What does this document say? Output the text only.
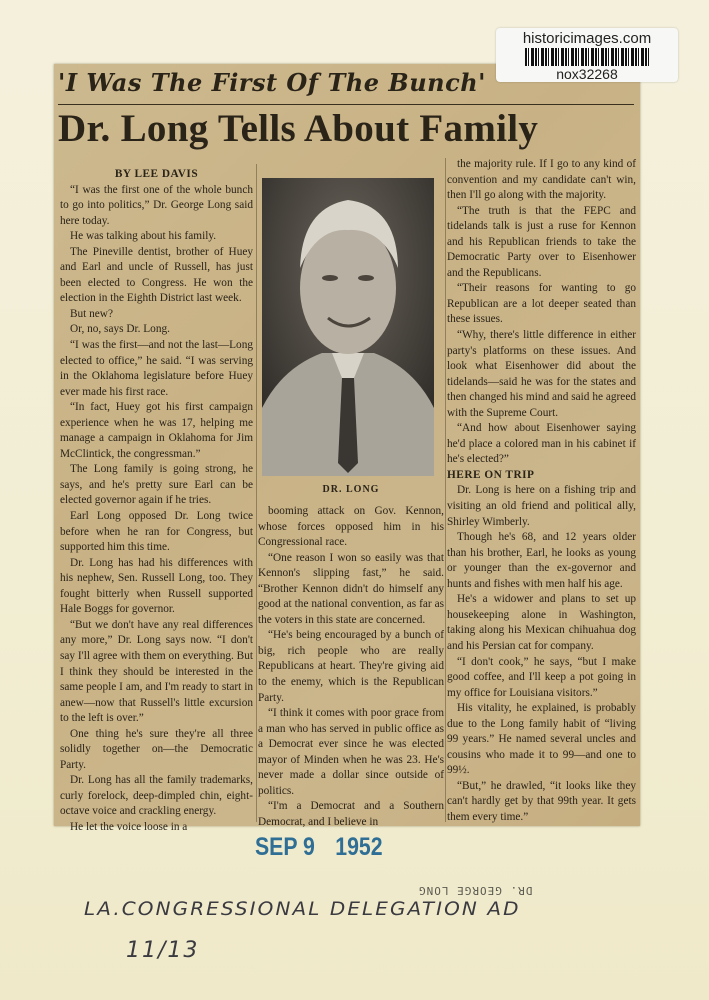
historicimages.com
nox32268
'I Was The First Of The Bunch'
Dr. Long Tells About Family

BY LEE DAVIS

“I was the first one of the whole bunch to go into politics,” Dr. George Long said here today.

He was talking about his family.

The Pineville dentist, brother of Huey and Earl and uncle of Russell, has just been elected to Congress. He won the election in the Eighth District last week.

But new?

Or, no, says Dr. Long.

“I was the first—and not the last—Long elected to office,” he said. “I was serving in the Oklahoma legislature before Huey ever made his first race.

“In fact, Huey got his first campaign experience when he was 17, helping me manage a campaign in Oklahoma for Jim McClintick, the congressman.”

The Long family is going strong, he says, and he's pretty sure Earl can be elected governor again if he tries.

Earl Long opposed Dr. Long twice before when he ran for Congress, but supported him this time.

Dr. Long has had his differences with his nephew, Sen. Russell Long, too. They fought bitterly when Russell supported Hale Boggs for governor.

“But we don't have any real differences any more,” Dr. Long says now. “I don't say I'll agree with them on everything. But I think they should be interested in the same people I am, and I'm ready to start in anew—now that Russell's little excursion to the left is over.”

One thing he's sure they're all three solidly together on—the Democratic Party.

Dr. Long has all the family trademarks, curly forelock, deep-dimpled chin, eight-octave voice and crackling energy.

He let the voice loose in a

DR. LONG

booming attack on Gov. Kennon, whose forces opposed him in his Congressional race.

“One reason I won so easily was that Kennon's slipping fast,” he said. “Brother Kennon didn't do himself any good at the national convention, as far as the voters in this state are concerned.

“He's being encouraged by a bunch of big, rich people who are really Republicans at heart. They're giving aid to the enemy, which is the Republican Party.

“I think it comes with poor grace from a man who has served in public office as a Democrat ever since he was elected mayor of Minden when he was 23. He's never made a dollar since outside of politics.

“I'm a Democrat and a Southern Democrat, and I believe in

the majority rule. If I go to any kind of convention and my candidate can't win, then I'll go along with the majority.

“The truth is that the FEPC and tidelands talk is just a ruse for Kennon and his Republican friends to take the Democratic Party over to Eisenhower and the Republicans.

“Their reasons for wanting to go Republican are a lot deeper seated than these issues.

“Why, there's little difference in either party's platforms on these issues. And look what Eisenhower did about the tidelands—said he was for the states and then changed his mind and said he agreed with the Supreme Court.

“And how about Eisenhower saying he'd place a colored man in his cabinet if he's elected?”

HERE ON TRIP

Dr. Long is here on a fishing trip and visiting an old friend and political ally, Shirley Wimberly.

Though he's 68, and 12 years older than his brother, Earl, he looks as young or younger than the ex-governor and hunts and fishes with men half his age.

He's a widower and plans to set up housekeeping alone in Washington, taking along his Mexican chihuahua dog and his Persian cat for company.

“I don't cook,” he says, “but I make good coffee, and I'll keep a pot going in my office for Louisiana visitors.”

His vitality, he explained, is probably due to the Long family habit of “living 99 years.” He named several uncles and cousins who made it to 99—and one to 99½.

“But,” he drawled, “it looks like they can't hardly get by that 99th year. It gets them every time.”

SEP 9 1952
DR. GEORGE LONG
LA.CONGRESSIONAL DELEGATION AD
11/13
